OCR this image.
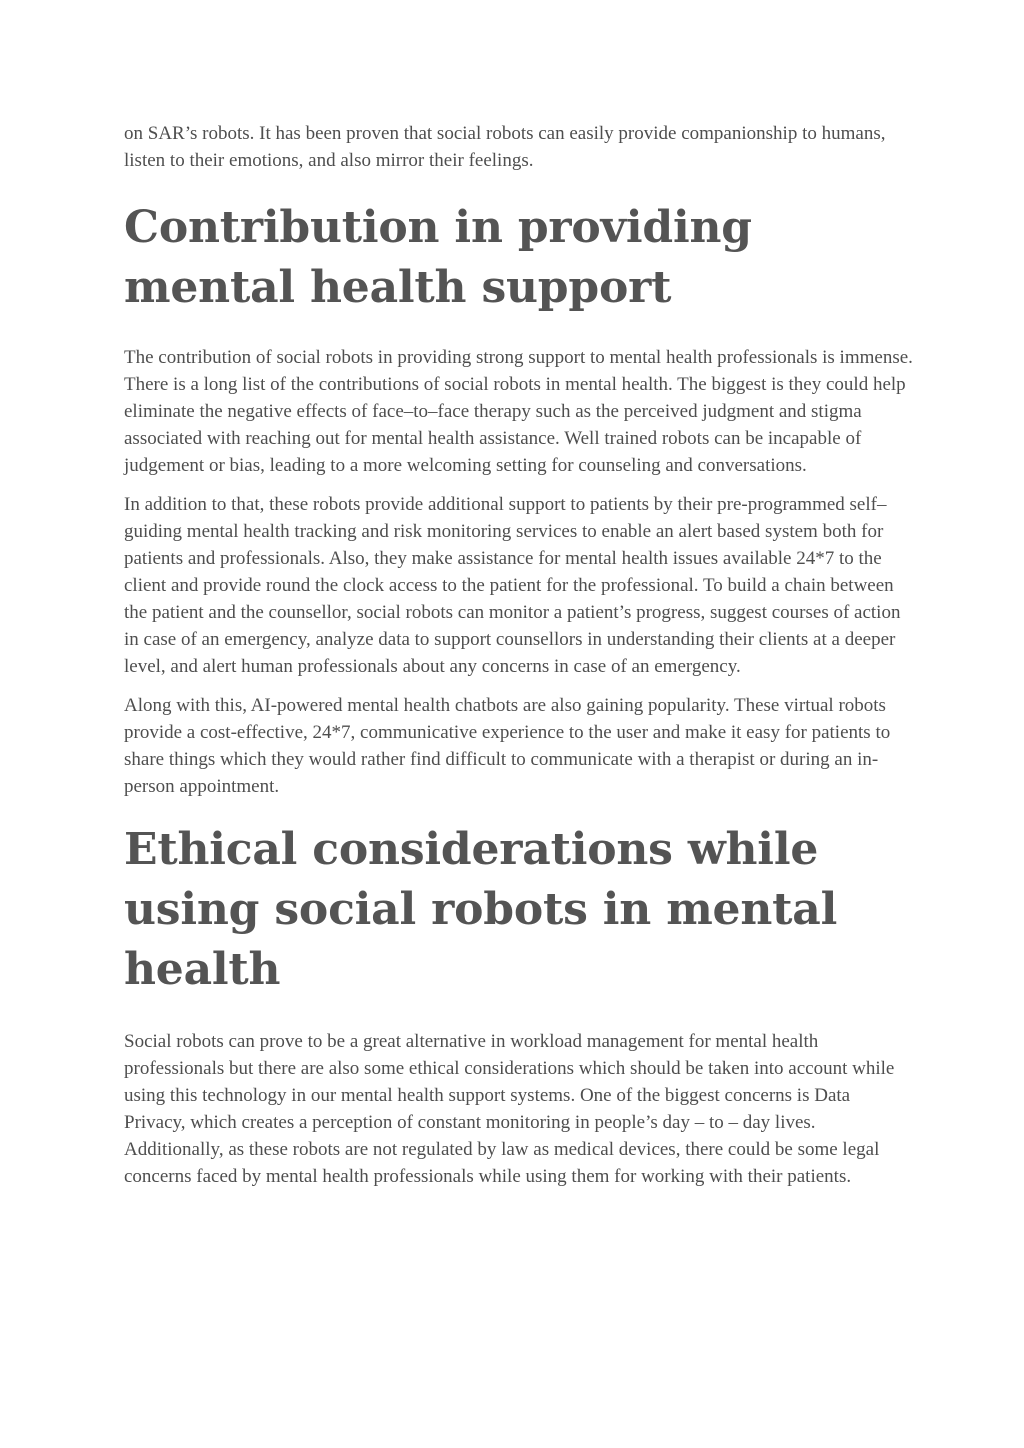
on SAR’s robots. It has been proven that social robots can easily provide companionship to humans, listen to their emotions, and also mirror their feelings.

Contribution in providing mental health support

The contribution of social robots in providing strong support to mental health professionals is immense. There is a long list of the contributions of social robots in mental health. The biggest is they could help eliminate the negative effects of face–to–face therapy such as the perceived judgment and stigma associated with reaching out for mental health assistance. Well trained robots can be incapable of judgement or bias, leading to a more welcoming setting for counseling and conversations.

In addition to that, these robots provide additional support to patients by their pre-programmed self–guiding mental health tracking and risk monitoring services to enable an alert based system both for patients and professionals. Also, they make assistance for mental health issues available 24*7 to the client and provide round the clock access to the patient for the professional. To build a chain between the patient and the counsellor, social robots can monitor a patient’s progress, suggest courses of action in case of an emergency, analyze data to support counsellors in understanding their clients at a deeper level, and alert human professionals about any concerns in case of an emergency.

Along with this, AI-powered mental health chatbots are also gaining popularity. These virtual robots provide a cost-effective, 24*7, communicative experience to the user and make it easy for patients to share things which they would rather find difficult to communicate with a therapist or during an in-person appointment.

Ethical considerations while using social robots in mental health

Social robots can prove to be a great alternative in workload management for mental health professionals but there are also some ethical considerations which should be taken into account while using this technology in our mental health support systems. One of the biggest concerns is Data Privacy, which creates a perception of constant monitoring in people’s day – to – day lives. Additionally, as these robots are not regulated by law as medical devices, there could be some legal concerns faced by mental health professionals while using them for working with their patients.
